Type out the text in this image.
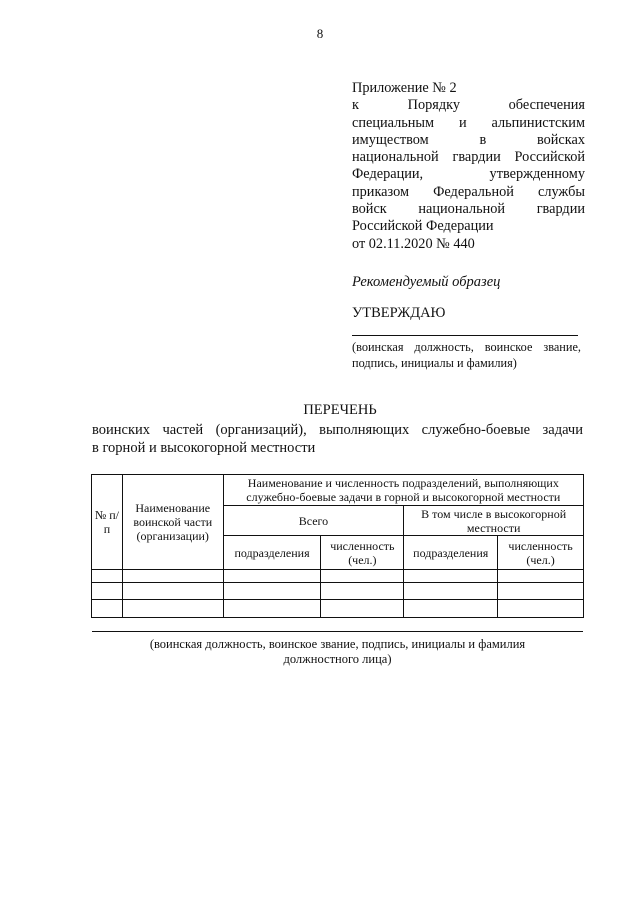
8
Приложение № 2
к Порядку обеспечения
специальным и альпинистским
имуществом в войсках
национальной гвардии Российской
Федерации, утвержденному
приказом Федеральной службы
войск национальной гвардии
Российской Федерации
от 02.11.2020 № 440
Рекомендуемый образец
УТВЕРЖДАЮ
(воинская должность, воинское звание,
подпись, инициалы и фамилия)
ПЕРЕЧЕНЬ
воинских частей (организаций), выполняющих служебно-боевые задачи
в горной и высокогорной местности
№ п/п	Наименование воинской части (организации)	Наименование и численность подразделений, выполняющих служебно-боевые задачи в горной и высокогорной местности			
		Всего		В том числе в высокогорной местности	
		подразделения	численность (чел.)	подразделения	численность (чел.)

(воинская должность, воинское звание, подпись, инициалы и фамилия
должностного лица)
